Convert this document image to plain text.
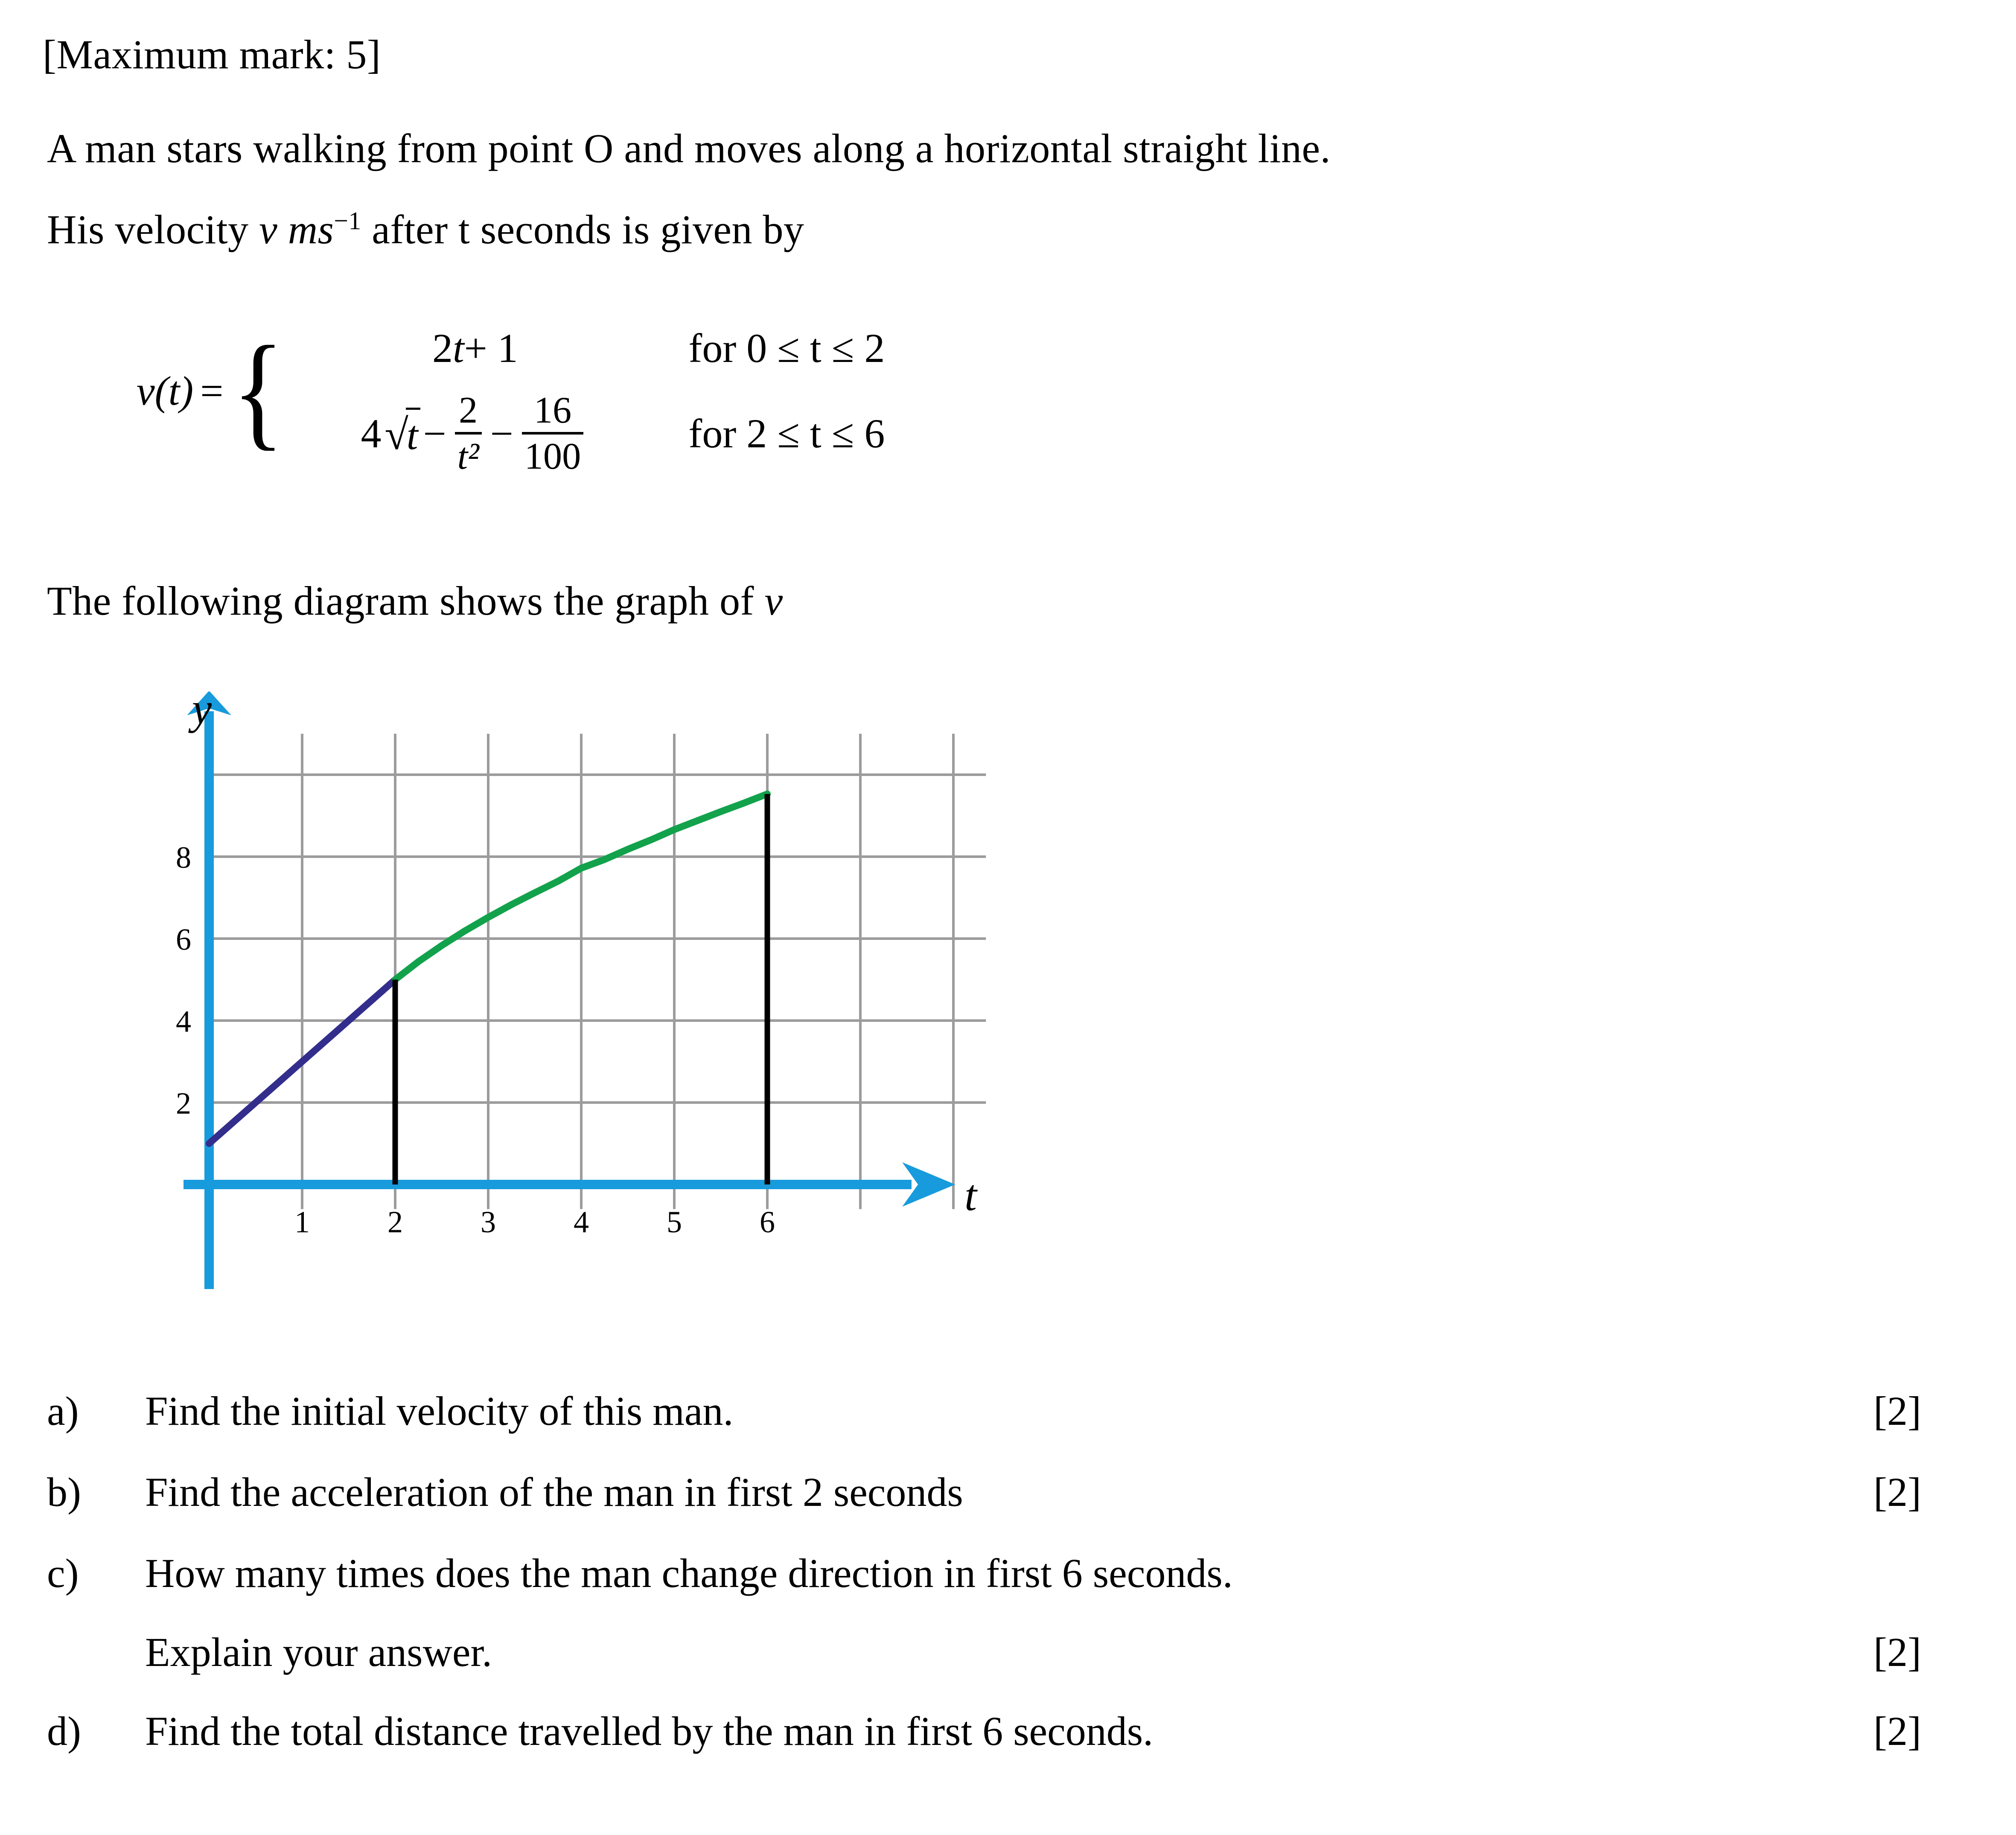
[Maximum mark: 5]
A man stars walking from point O and moves along a horizontal straight line.
His velocity v $ms^{-1}$ after t seconds is given by
v(t) = {	2 t + 1	for 0 ≤ t ≤ 2
4 √t −
2
t²
−
16
100
for 2 ≤ t ≤ 6
The following diagram shows the graph of v
1	2	3	4	5	6
2
4
6
8
y
t
a) Find the initial velocity of this man.	[2]
b) Find the acceleration of the man in first 2 seconds	[2]
c) How many times does the man change direction in first 6 seconds.
Explain your answer.	[2]
d) Find the total distance travelled by the man in first 6 seconds.	[2]
